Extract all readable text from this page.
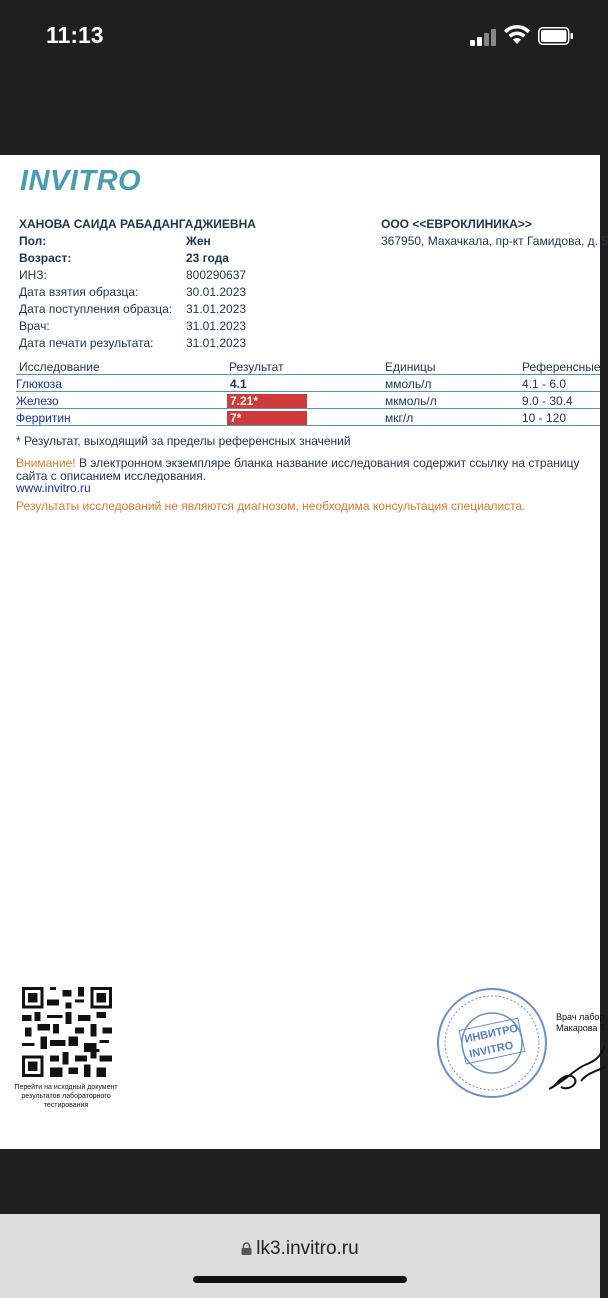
11:13
INVITRO
ХАНОВА САИДА РАБАДАНГАДЖИЕВНА
Пол:	Жен
Возраст:	23 года
ИНЗ:	800290637
Дата взятия образца:	30.01.2023
Дата поступления образца: 31.01.2023
Врач:	31.01.2023
Дата печати результата:	31.01.2023
ООО <<ЕВРОКЛИНИКА>>
367950, Махачкала, пр-кт Гамидова, д. 5
Исследование	Результат	Единицы	Референсные
Глюкоза	4.1	ммоль/л	4.1 - 6.0
Железо	7.21*	мкмоль/л	9.0 - 30.4
Ферритин	7*	мкг/л	10 - 120
* Результат, выходящий за пределы референсных значений
Внимание! В электронном экземпляре бланка название исследования содержит ссылку на страницу сайта с описанием исследования.
www.invitro.ru
Результаты исследований не являются диагнозом, необходима консультация специалиста.
Перейти на исходный документ результатов лабораторного тестирования
ИНВИТРО
INVITRO
Врач лабор
Макарова Т
lk3.invitro.ru
